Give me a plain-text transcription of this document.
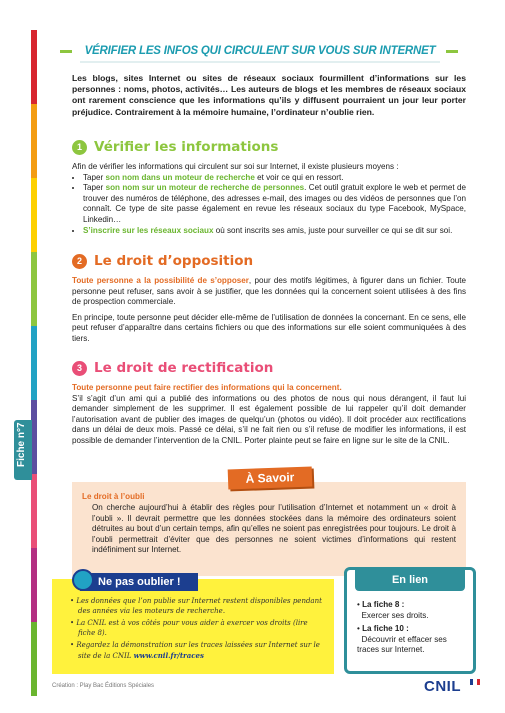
Fiche n°7
VÉRIFIER LES INFOS QUI CIRCULENT SUR VOUS SUR INTERNET
Les blogs, sites Internet ou sites de réseaux sociaux fourmillent d’informations sur les personnes : noms, photos, activités… Les auteurs de blogs et les membres de réseaux sociaux ont rarement conscience que les informations qu’ils y diffusent pourraient un jour leur porter préjudice. Contrairement à la mémoire humaine, l’ordinateur n’oublie rien.
1 Vérifier les informations

Afin de vérifier les informations qui circulent sur soi sur Internet, il existe plusieurs moyens :

• Taper son nom dans un moteur de recherche et voir ce qui en ressort.
• Taper son nom sur un moteur de recherche de personnes. Cet outil gratuit explore le web et permet de trouver des numéros de téléphone, des adresses e-mail, des images ou des vidéos de personnes que l’on connaît. Ce type de site passe également en revue les réseaux sociaux du type Facebook, MySpace, Linkedin…
• S’inscrire sur les réseaux sociaux où sont inscrits ses amis, juste pour surveiller ce qui se dit sur soi.
2 Le droit d’opposition

Toute personne a la possibilité de s’opposer, pour des motifs légitimes, à figurer dans un fichier. Toute personne peut refuser, sans avoir à se justifier, que les données qui la concernent soient utilisées à des fins de prospection commerciale.

En principe, toute personne peut décider elle-même de l’utilisation de données la concernant. En ce sens, elle peut refuser d’apparaître dans certains fichiers ou que des informations sur elle soient communiquées à des tiers.

3 Le droit de rectification

Toute personne peut faire rectifier des informations qui la concernent.

S’il s’agit d’un ami qui a publié des informations ou des photos de nous qui nous dérangent, il faut lui demander simplement de les supprimer. Il est également possible de lui rappeler qu’il doit demander l’autorisation avant de publier des images de quelqu’un (photos ou vidéo). Il doit procéder aux rectifications dans un délai de deux mois. Passé ce délai, s’il ne fait rien ou s’il refuse de modifier les informations, il est possible de demander l’intervention de la CNIL. Porter plainte peut se faire en ligne sur le site de la CNIL.

À Savoir
Le droit à l’oubli
On cherche aujourd’hui à établir des règles pour l’utilisation d’Internet et notamment un « droit à l’oubli ». Il devrait permettre que les données stockées dans la mémoire des ordinateurs soient détruites au bout d’un certain temps, afin qu’elles ne soient pas enregistrées pour toujours. Le droit à l’oubli permettrait d’éviter que des personnes ne soient victimes d’informations qui restent indéfiniment sur Internet.
Ne pas oublier !

• Les données que l’on publie sur Internet restent disponibles pendant des années via les moteurs de recherche.

• La CNIL est à vos côtés pour vous aider à exercer vos droits (lire fiche 8).

• Regardez la démonstration sur les traces laissées sur Internet sur le site de la CNIL www.cnil.fr/traces

En lien
• La fiche 8 :
Exercer ses droits.
• La fiche 10 :
Découvrir et effacer ses traces sur Internet.
Création : Play Bac Éditions Spéciales	CNIL
